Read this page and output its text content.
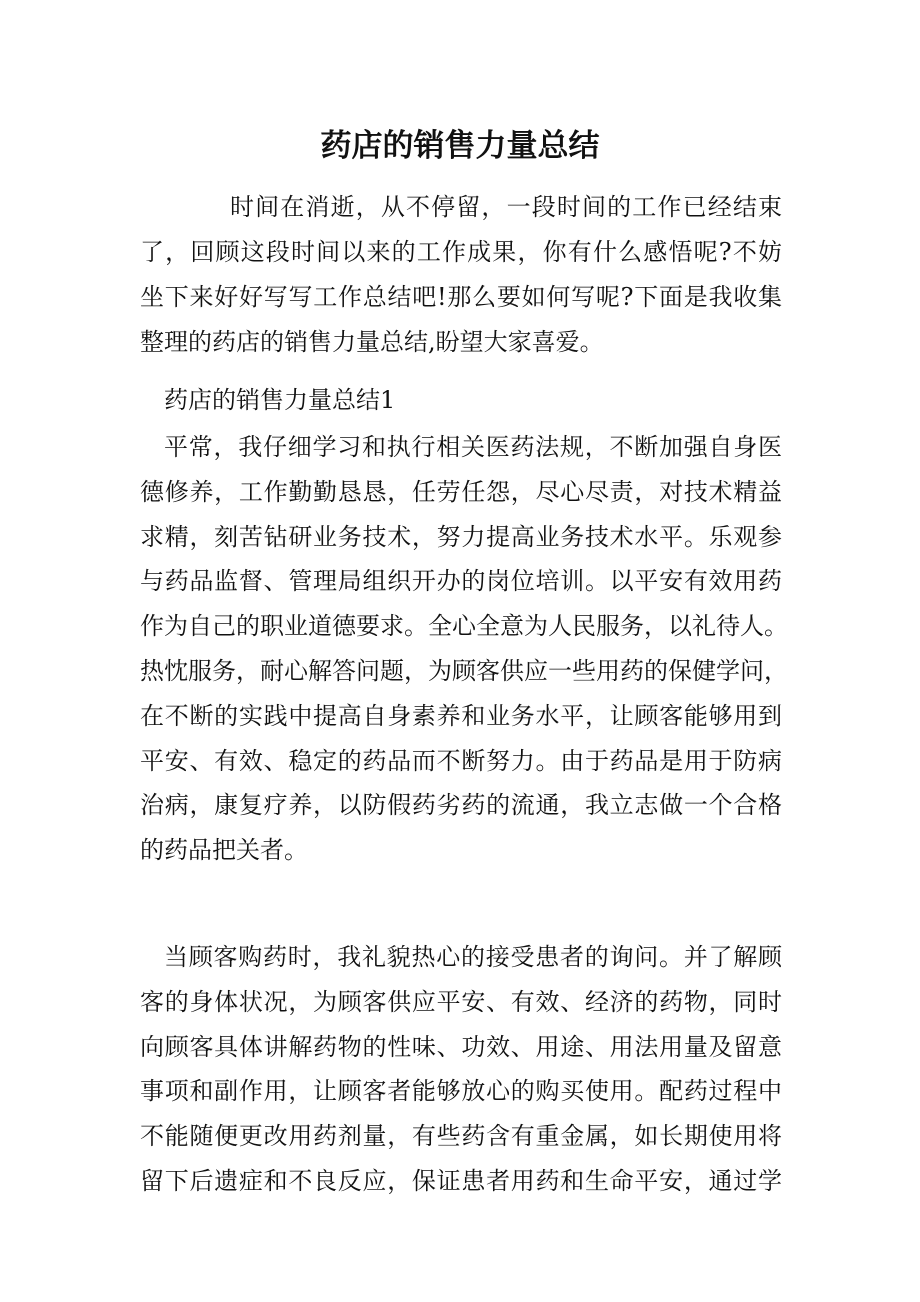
药店的销售力量总结
时间在消逝，从不停留，一段时间的工作已经结束
了，回顾这段时间以来的工作成果，你有什么感悟呢?不妨
坐下来好好写写工作总结吧!那么要如何写呢?下面是我收集
整理的药店的销售力量总结,盼望大家喜爱。
药店的销售力量总结1
平常，我仔细学习和执行相关医药法规，不断加强自身医
德修养，工作勤勤恳恳，任劳任怨，尽心尽责，对技术精益
求精，刻苦钻研业务技术，努力提高业务技术水平。乐观参
与药品监督、管理局组织开办的岗位培训。以平安有效用药
作为自己的职业道德要求。全心全意为人民服务，以礼待人。
热忱服务，耐心解答问题，为顾客供应一些用药的保健学问，
在不断的实践中提高自身素养和业务水平，让顾客能够用到
平安、有效、稳定的药品而不断努力。由于药品是用于防病
治病，康复疗养，以防假药劣药的流通，我立志做一个合格
的药品把关者。
当顾客购药时，我礼貌热心的接受患者的询问。并了解顾
客的身体状况，为顾客供应平安、有效、经济的药物，同时
向顾客具体讲解药物的性味、功效、用途、用法用量及留意
事项和副作用，让顾客者能够放心的购买使用。配药过程中
不能随便更改用药剂量，有些药含有重金属，如长期使用将
留下后遗症和不良反应，保证患者用药和生命平安，通过学
